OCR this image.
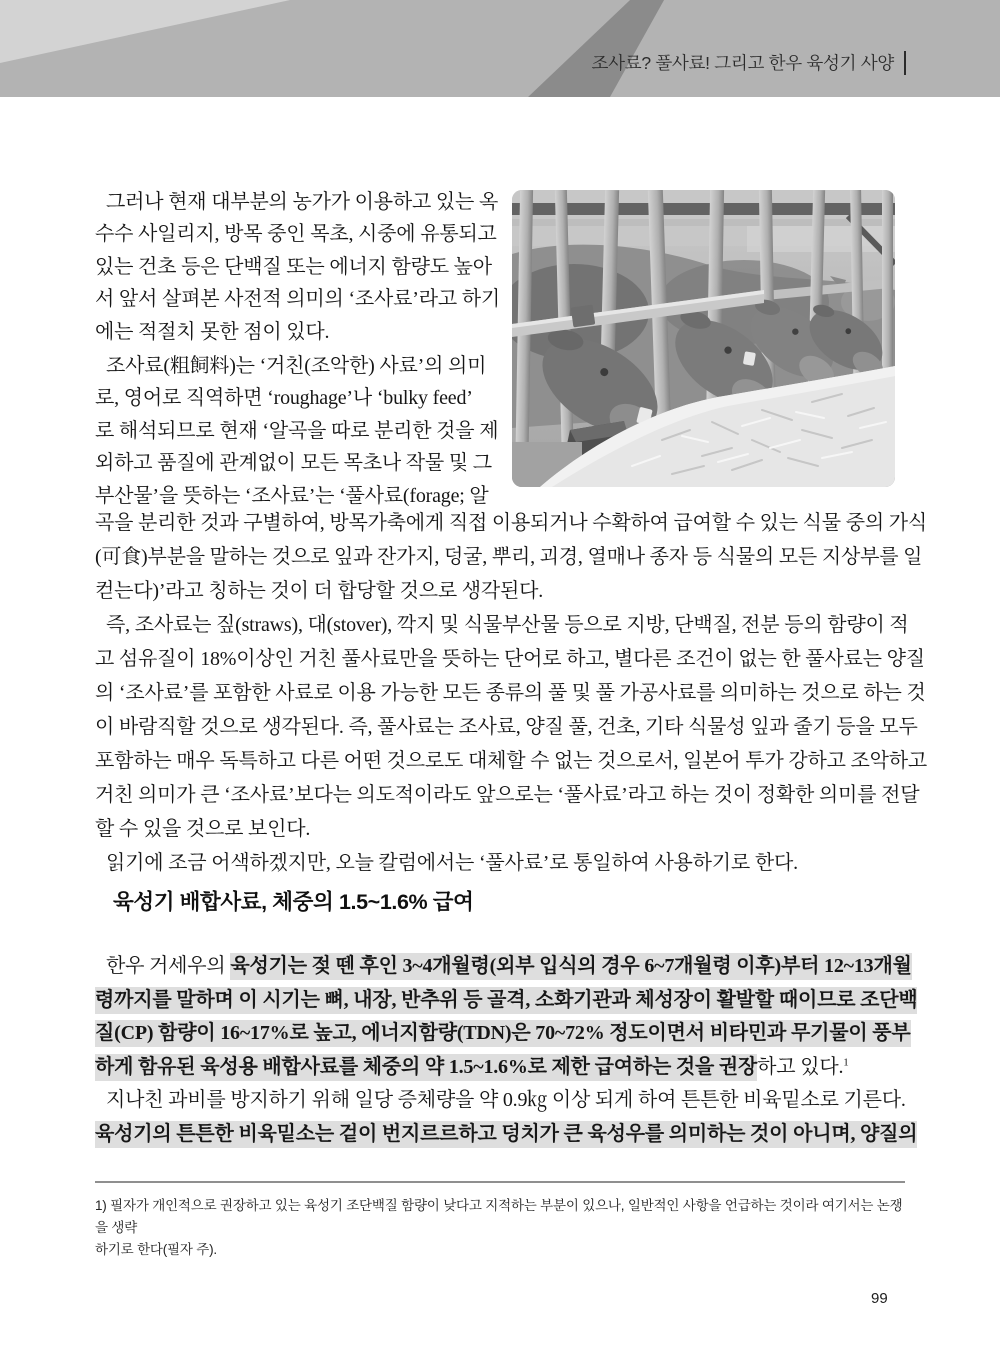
조사료? 풀사료! 그리고 한우 육성기 사양
그러나 현재 대부분의 농가가 이용하고 있는 옥
수수 사일리지, 방목 중인 목초, 시중에 유통되고
있는 건초 등은 단백질 또는 에너지 함량도 높아
서 앞서 살펴본 사전적 의미의 ‘조사료’라고 하기
에는 적절치 못한 점이 있다.
조사료(粗飼料)는 ‘거친(조악한) 사료’의 의미
로, 영어로 직역하면 ‘roughage’나 ‘bulky feed’
로 해석되므로 현재 ‘알곡을 따로 분리한 것을 제
외하고 품질에 관계없이 모든 목초나 작물 및 그
부산물’을 뜻하는 ‘조사료’는 ‘풀사료(forage; 알
곡을 분리한 것과 구별하여, 방목가축에게 직접 이용되거나 수확하여 급여할 수 있는 식물 중의 가식
(可食)부분을 말하는 것으로 잎과 잔가지, 덩굴, 뿌리, 괴경, 열매나 종자 등 식물의 모든 지상부를 일
컫는다)’라고 칭하는 것이 더 합당할 것으로 생각된다.
즉, 조사료는 짚(straws), 대(stover), 깍지 및 식물부산물 등으로 지방, 단백질, 전분 등의 함량이 적
고 섬유질이 18%이상인 거친 풀사료만을 뜻하는 단어로 하고, 별다른 조건이 없는 한 풀사료는 양질
의 ‘조사료’를 포함한 사료로 이용 가능한 모든 종류의 풀 및 풀 가공사료를 의미하는 것으로 하는 것
이 바람직할 것으로 생각된다. 즉, 풀사료는 조사료, 양질 풀, 건초, 기타 식물성 잎과 줄기 등을 모두
포함하는 매우 독특하고 다른 어떤 것으로도 대체할 수 없는 것으로서, 일본어 투가 강하고 조악하고
거친 의미가 큰 ‘조사료’보다는 의도적이라도 앞으로는 ‘풀사료’라고 하는 것이 정확한 의미를 전달
할 수 있을 것으로 보인다.
읽기에 조금 어색하겠지만, 오늘 칼럼에서는 ‘풀사료’로 통일하여 사용하기로 한다.
육성기 배합사료, 체중의 1.5~1.6% 급여
한우 거세우의 육성기는 젖 뗀 후인 3~4개월령(외부 입식의 경우 6~7개월령 이후)부터 12~13개월
령까지를 말하며 이 시기는 뼈, 내장, 반추위 등 골격, 소화기관과 체성장이 활발할 때이므로 조단백
질(CP) 함량이 16~17%로 높고, 에너지함량(TDN)은 70~72% 정도이면서 비타민과 무기물이 풍부
하게 함유된 육성용 배합사료를 체중의 약 1.5~1.6%로 제한 급여하는 것을 권장하고 있다.$^1$
지나친 과비를 방지하기 위해 일당 증체량을 약 0.9㎏ 이상 되게 하여 튼튼한 비육밑소로 기른다.
육성기의 튼튼한 비육밑소는 겉이 번지르르하고 덩치가 큰 육성우를 의미하는 것이 아니며, 양질의
1) 필자가 개인적으로 권장하고 있는 육성기 조단백질 함량이 낮다고 지적하는 부분이 있으나, 일반적인 사항을 언급하는 것이라 여기서는 논쟁을 생략
하기로 한다(필자 주).
99
